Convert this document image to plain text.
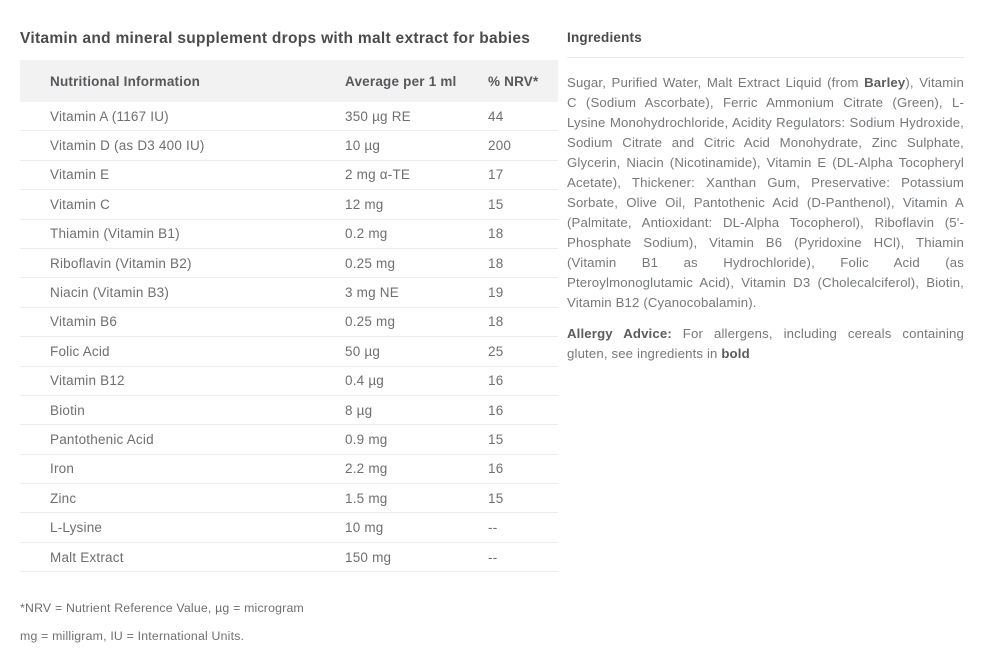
Vitamin and mineral supplement drops with malt extract for babies
Nutritional Information	Average per 1 ml	% NRV*
Vitamin A (1167 IU)	350 µg RE	44
Vitamin D (as D3 400 IU)	10 µg	200
Vitamin E	2 mg α-TE	17
Vitamin C	12 mg	15
Thiamin (Vitamin B1)	0.2 mg	18
Riboflavin (Vitamin B2)	0.25 mg	18
Niacin (Vitamin B3)	3 mg NE	19
Vitamin B6	0.25 mg	18
Folic Acid	50 µg	25
Vitamin B12	0.4 µg	16
Biotin	8 µg	16
Pantothenic Acid	0.9 mg	15
Iron	2.2 mg	16
Zinc	1.5 mg	15
L-Lysine	10 mg	--
Malt Extract	150 mg	--

*NRV = Nutrient Reference Value, µg = microgram

mg = milligram, IU = International Units.

Ingredients

Sugar, Purified Water, Malt Extract Liquid (from Barley), Vitamin C (Sodium Ascorbate), Ferric Ammonium Citrate (Green), L-Lysine Monohydrochloride, Acidity Regulators: Sodium Hydroxide, Sodium Citrate and Citric Acid Monohydrate, Zinc Sulphate, Glycerin, Niacin (Nicotinamide), Vitamin E (DL-Alpha Tocopheryl Acetate), Thickener: Xanthan Gum, Preservative: Potassium Sorbate, Olive Oil, Pantothenic Acid (D-Panthenol), Vitamin A (Palmitate, Antioxidant: DL-Alpha Tocopherol), Riboflavin (5'-Phosphate Sodium), Vitamin B6 (Pyridoxine HCl), Thiamin (Vitamin B1 as Hydrochloride), Folic Acid (as Pteroylmonoglutamic Acid), Vitamin D3 (Cholecalciferol), Biotin, Vitamin B12 (Cyanocobalamin).

Allergy Advice: For allergens, including cereals containing gluten, see ingredients in bold
